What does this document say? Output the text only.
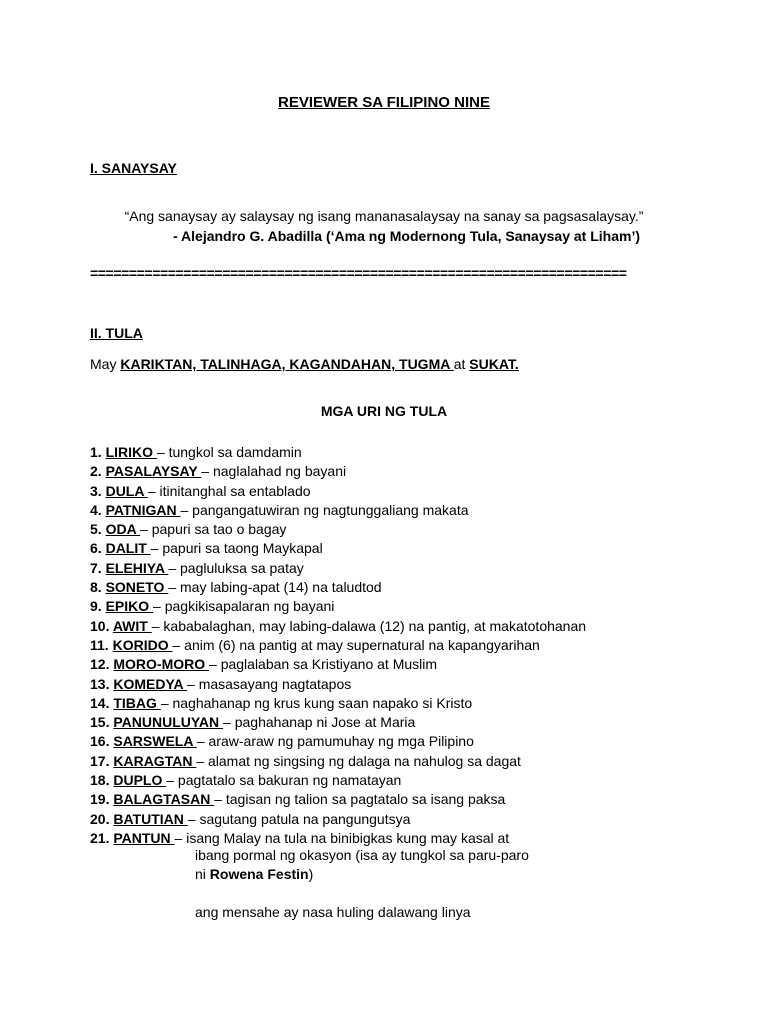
REVIEWER SA FILIPINO NINE
I. SANAYSAY
“Ang sanaysay ay salaysay ng isang mananasalaysay na sanay sa pagsasalaysay.”
- Alejandro G. Abadilla (‘Ama ng Modernong Tula, Sanaysay at Liham’)
=====================================================================
II. TULA
May KARIKTAN, TALINHAGA, KAGANDAHAN, TUGMA at SUKAT.
MGA URI NG TULA
1. LIRIKO – tungkol sa damdamin
2. PASALAYSAY – naglalahad ng bayani
3. DULA – itinitanghal sa entablado
4. PATNIGAN – pangangatuwiran ng nagtunggaliang makata
5. ODA – papuri sa tao o bagay
6. DALIT – papuri sa taong Maykapal
7. ELEHIYA – pagluluksa sa patay
8. SONETO – may labing-apat (14) na taludtod
9. EPIKO – pagkikisapalaran ng bayani
10. AWIT – kababalaghan, may labing-dalawa (12) na pantig, at makatotohanan
11. KORIDO – anim (6) na pantig at may supernatural na kapangyarihan
12. MORO-MORO – paglalaban sa Kristiyano at Muslim
13. KOMEDYA – masasayang nagtatapos
14. TIBAG – naghahanap ng krus kung saan napako si Kristo
15. PANUNULUYAN – paghahanap ni Jose at Maria
16. SARSWELA – araw-araw ng pamumuhay ng mga Pilipino
17. KARAGTAN – alamat ng singsing ng dalaga na nahulog sa dagat
18. DUPLO – pagtatalo sa bakuran ng namatayan
19. BALAGTASAN – tagisan ng talion sa pagtatalo sa isang paksa
20. BATUTIAN – sagutang patula na pangungutsya
21. PANTUN – isang Malay na tula na binibigkas kung may kasal at
ibang pormal ng okasyon (isa ay tungkol sa paru-paro
ni Rowena Festin)
ang mensahe ay nasa huling dalawang linya
